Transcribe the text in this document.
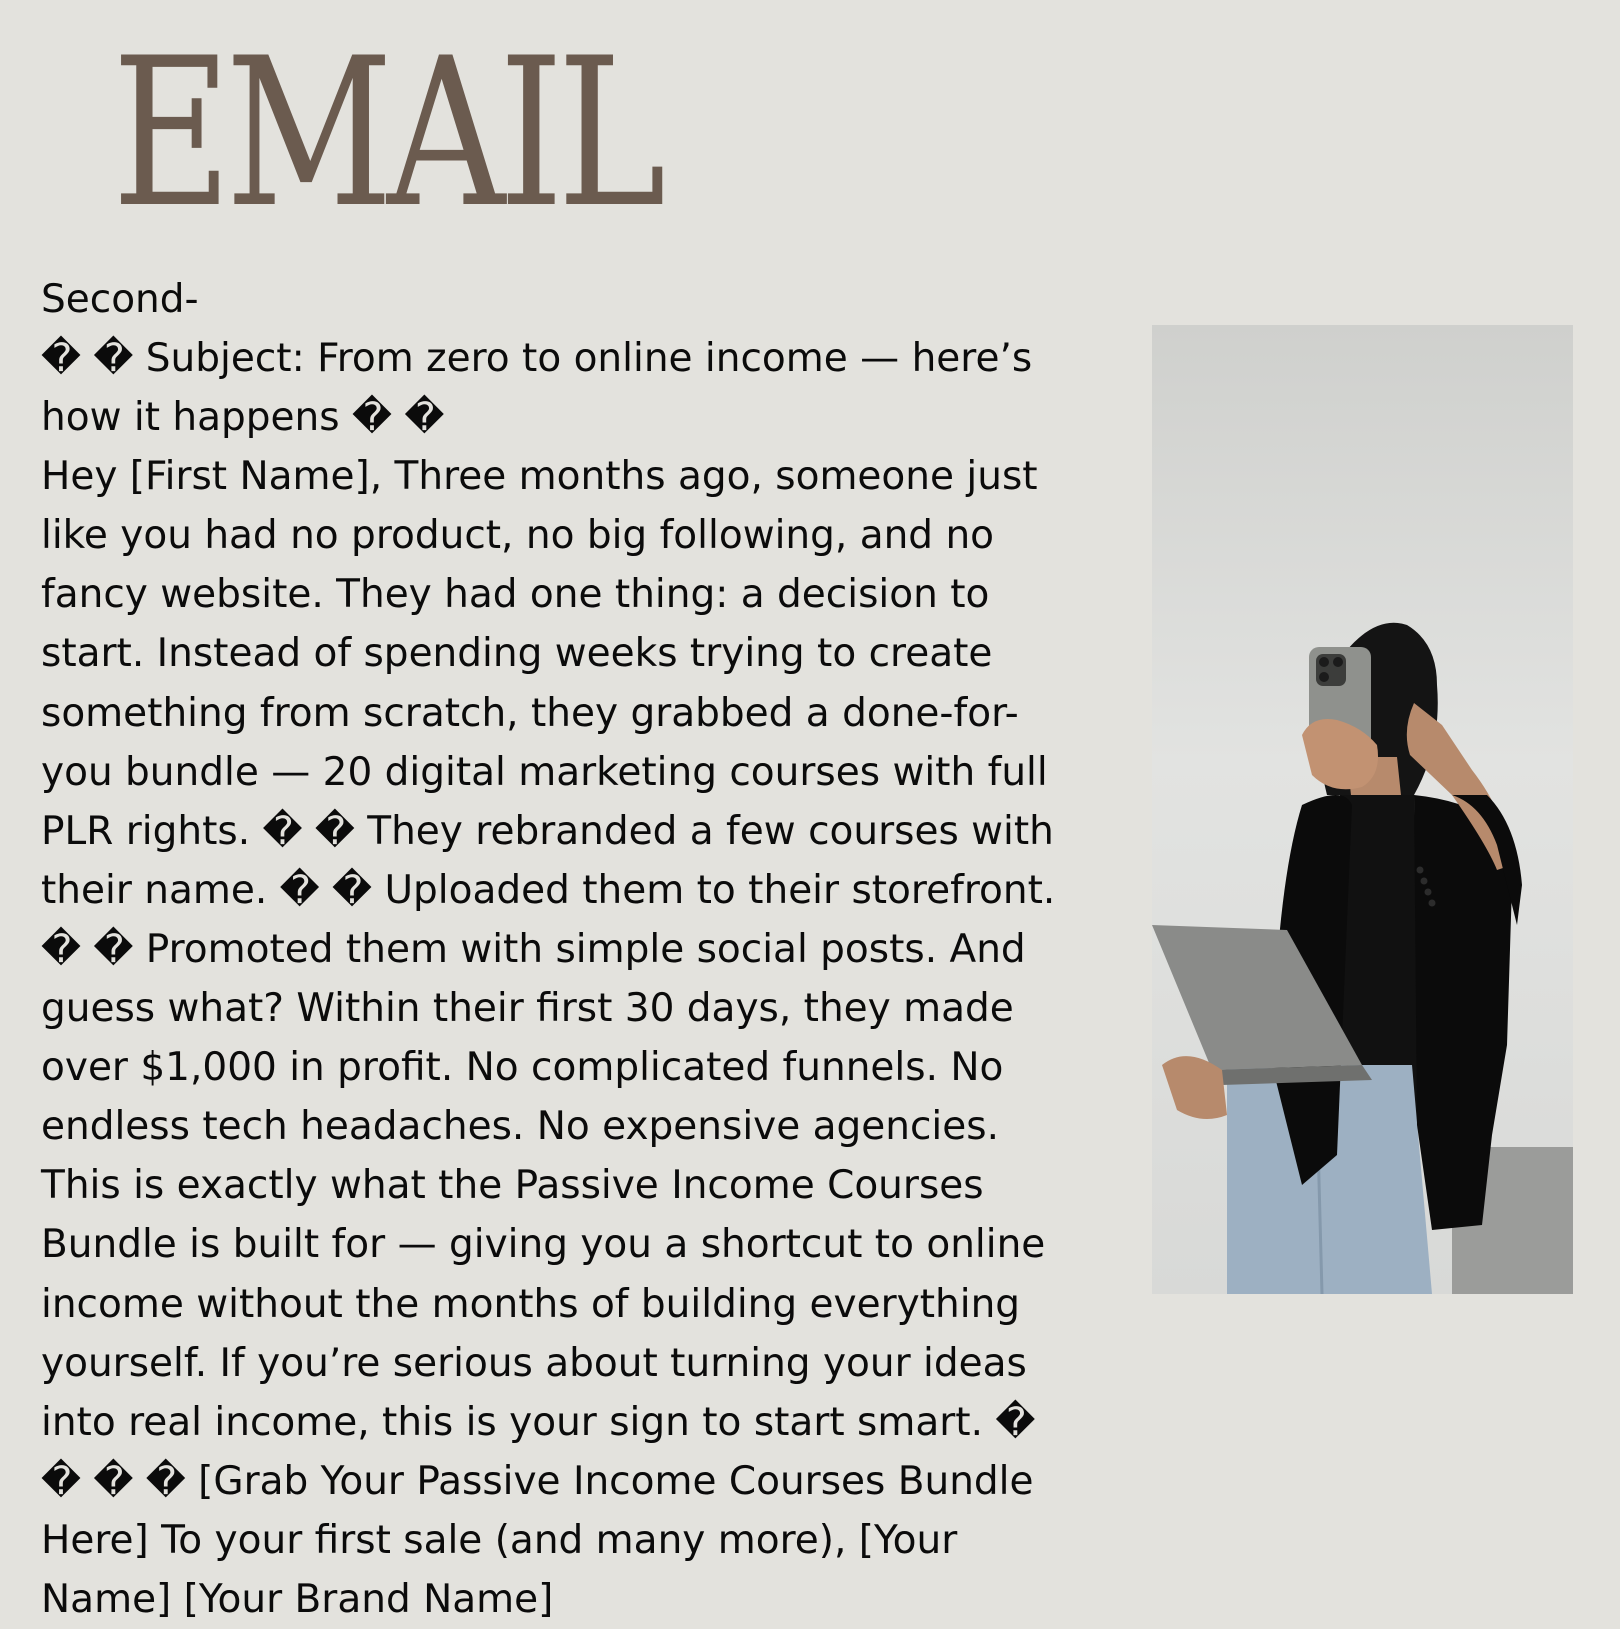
EMAIL

Second-

� � Subject: From zero to online income — here’s
how it happens � �
Hey [First Name], Three months ago, someone just
like you had no product, no big following, and no
fancy website. They had one thing: a decision to
start. Instead of spending weeks trying to create
something from scratch, they grabbed a done-for-
you bundle — 20 digital marketing courses with full
PLR rights. � � They rebranded a few courses with
their name. � � Uploaded them to their storefront.
� � Promoted them with simple social posts. And
guess what? Within their first 30 days, they made
over $1,000 in profit. No complicated funnels. No
endless tech headaches. No expensive agencies.
This is exactly what the Passive Income Courses
Bundle is built for — giving you a shortcut to online
income without the months of building everything
yourself. If you’re serious about turning your ideas
into real income, this is your sign to start smart. �
� � � [Grab Your Passive Income Courses Bundle
Here] To your first sale (and many more), [Your
Name] [Your Brand Name]
